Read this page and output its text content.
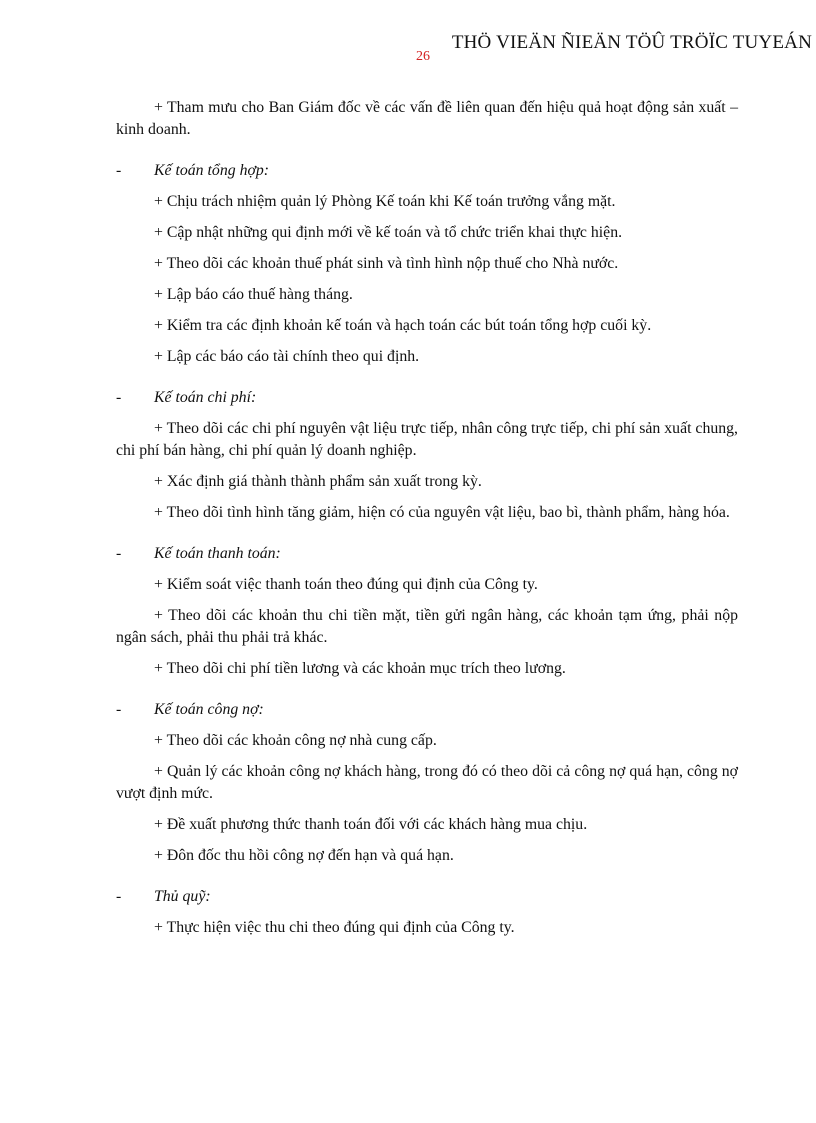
THÖ VIEÄN ÑIEÄN TÖÛ TRÖÏC TUYEÁN
26

+ Tham mưu cho Ban Giám đốc về các vấn đề liên quan đến hiệu quả hoạt động sản xuất – kinh doanh.

-	Kế toán tổng hợp:

+ Chịu trách nhiệm quản lý Phòng Kế toán khi Kế toán trưởng vắng mặt.

+ Cập nhật những qui định mới về kế toán và tổ chức triển khai thực hiện.

+ Theo dõi các khoản thuế phát sinh và tình hình nộp thuế cho Nhà nước.

+ Lập báo cáo thuế hàng tháng.

+ Kiểm tra các định khoản kế toán và hạch toán các bút toán tổng hợp cuối kỳ.

+ Lập các báo cáo tài chính theo qui định.

-	Kế toán chi phí:

+ Theo dõi các chi phí nguyên vật liệu trực tiếp, nhân công trực tiếp, chi phí sản xuất chung, chi phí bán hàng, chi phí quản lý doanh nghiệp.

+ Xác định giá thành thành phẩm sản xuất trong kỳ.

+ Theo dõi tình hình tăng giảm, hiện có của nguyên vật liệu, bao bì, thành phẩm, hàng hóa.

-	Kế toán thanh toán:

+ Kiểm soát việc thanh toán theo đúng qui định của Công ty.

+ Theo dõi các khoản thu chi tiền mặt, tiền gửi ngân hàng, các khoản tạm ứng, phải nộp ngân sách, phải thu phải trả khác.

+ Theo dõi chi phí tiền lương và các khoản mục trích theo lương.

-	Kế toán công nợ:

+ Theo dõi các khoản công nợ nhà cung cấp.

+ Quản lý các khoản công nợ khách hàng, trong đó có theo dõi cả công nợ quá hạn, công nợ vượt định mức.

+ Đề xuất phương thức thanh toán đối với các khách hàng mua chịu.

+ Đôn đốc thu hồi công nợ đến hạn và quá hạn.

-	Thủ quỹ:

+ Thực hiện việc thu chi theo đúng qui định của Công ty.
